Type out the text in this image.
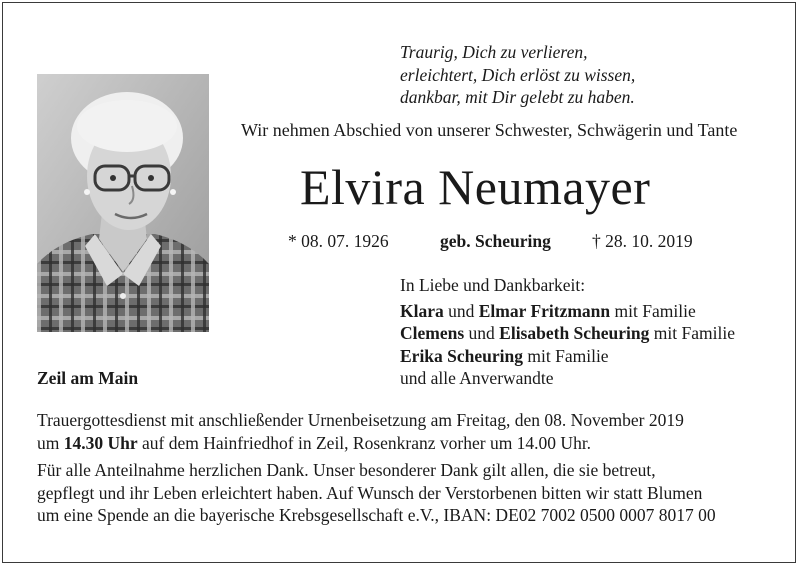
Traurig, Dich zu verlieren,
erleichtert, Dich erlöst zu wissen,
dankbar, mit Dir gelebt zu haben.
Wir nehmen Abschied von unserer Schwester, Schwägerin und Tante
Elvira Neumayer
* 08. 07. 1926	geb. Scheuring † 28. 10. 2019
In Liebe und Dankbarkeit:
Klara und Elmar Fritzmann mit Familie
Clemens und Elisabeth Scheuring mit Familie
Erika Scheuring mit Familie
und alle Anverwandte
Zeil am Main
Trauergottesdienst mit anschließender Urnenbeisetzung am Freitag, den 08. November 2019
um 14.30 Uhr auf dem Hainfriedhof in Zeil, Rosenkranz vorher um 14.00 Uhr.
Für alle Anteilnahme herzlichen Dank. Unser besonderer Dank gilt allen, die sie betreut,
gepflegt und ihr Leben erleichtert haben. Auf Wunsch der Verstorbenen bitten wir statt Blumen
um eine Spende an die bayerische Krebsgesellschaft e.V., IBAN: DE02 7002 0500 0007 8017 00
